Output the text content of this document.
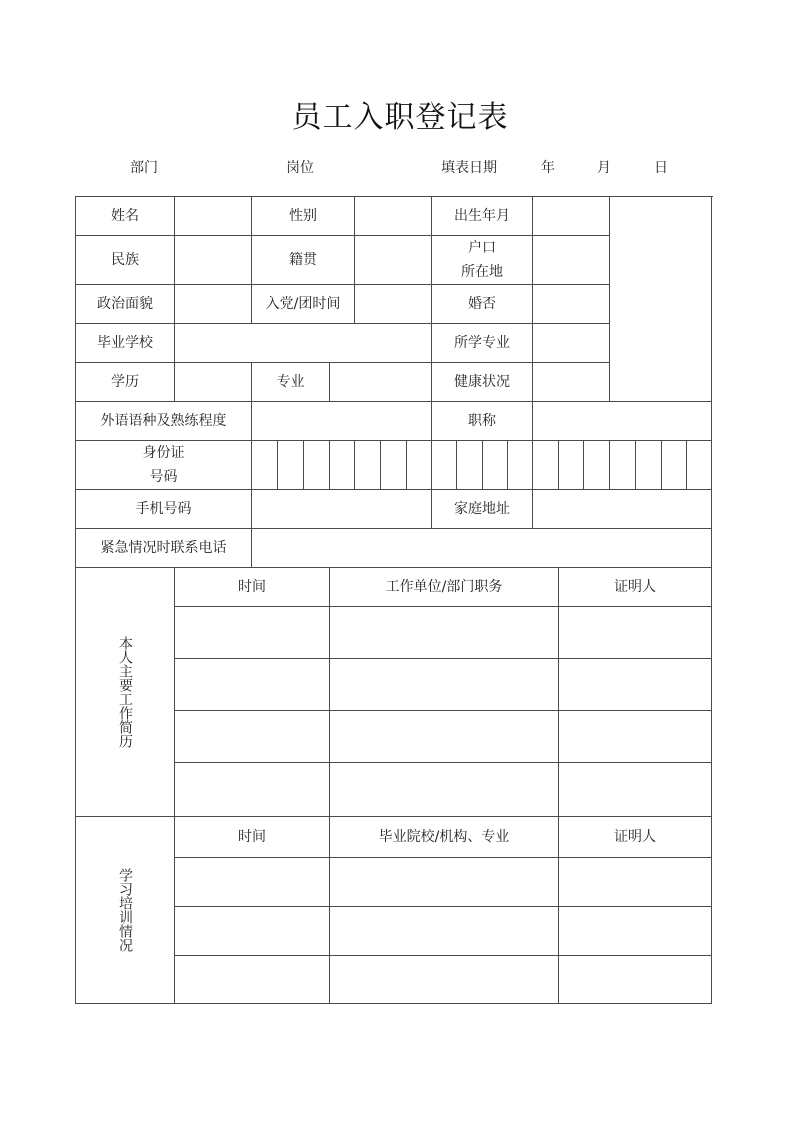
员工入职登记表
部门	岗位	填表日期	年	月	日
姓名		性别							出生年月										
民族		籍贯							户口
所在地										

政治面貌		入党/团时间							婚否										
毕业学校									所学专业										
学历		专业							健康状况										
外语语种及熟练程度									职称										

身份证
号码																			

手机号码									家庭地址										
紧急情况时联系电话																			
本人主要工作简历	时间				工作单位/部门职务									证明人					

学习培训情况	时间				毕业院校/机构、专业									证明人					
